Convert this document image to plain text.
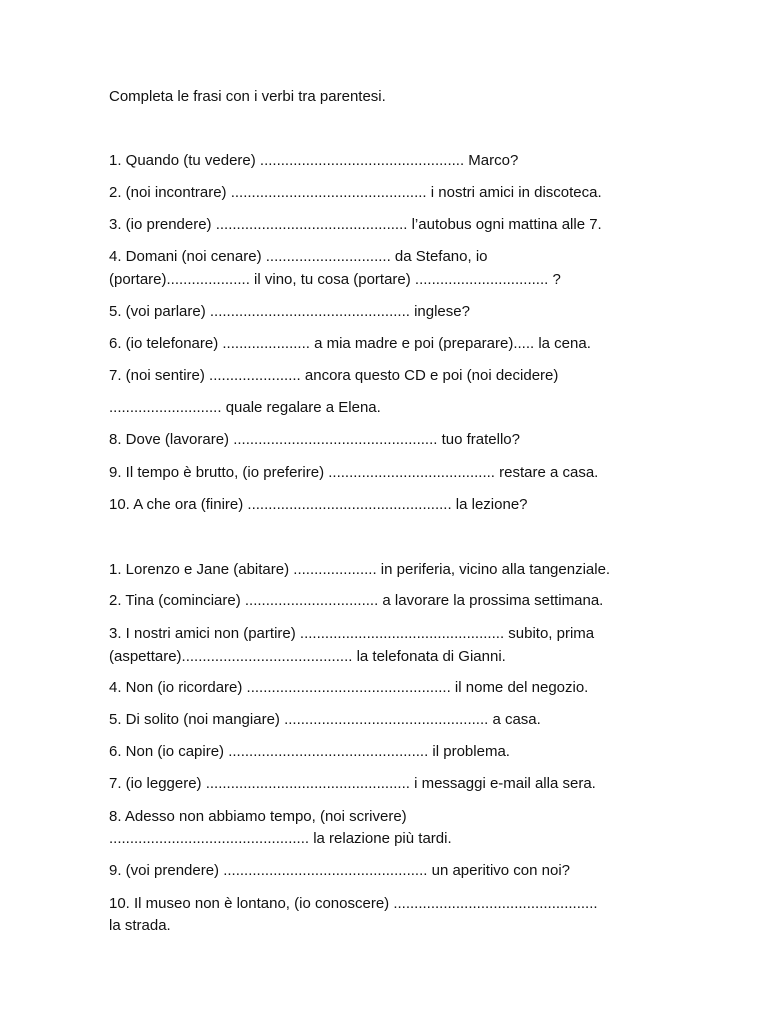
Completa le frasi con i verbi tra parentesi.
1. Quando (tu vedere) ................................................. Marco?
2. (noi incontrare) ............................................... i nostri amici in discoteca.
3. (io prendere) .............................................. l’autobus ogni mattina alle 7.
4. Domani (noi cenare) .............................. da Stefano, io
(portare).................... il vino, tu cosa (portare) ................................ ?
5. (voi parlare) ................................................ inglese?
6. (io telefonare) ..................... a mia madre e poi (preparare)..... la cena.
7. (noi sentire) ...................... ancora questo CD e poi (noi decidere)
........................... quale regalare a Elena.
8. Dove (lavorare) ................................................. tuo fratello?
9. Il tempo è brutto, (io preferire) ........................................ restare a casa.
10. A che ora (finire) ................................................. la lezione?
1. Lorenzo e Jane (abitare) .................... in periferia, vicino alla tangenziale.
2. Tina (cominciare) ................................ a lavorare la prossima settimana.
3. I nostri amici non (partire) ................................................. subito, prima
(aspettare)......................................... la telefonata di Gianni.
4. Non (io ricordare) ................................................. il nome del negozio.
5. Di solito (noi mangiare) ................................................. a casa.
6. Non (io capire) ................................................ il problema.
7. (io leggere) ................................................. i messaggi e-mail alla sera.
8. Adesso non abbiamo tempo, (noi scrivere)
................................................ la relazione più tardi.
9. (voi prendere) ................................................. un aperitivo con noi?
10. Il museo non è lontano, (io conoscere) .................................................
la strada.
